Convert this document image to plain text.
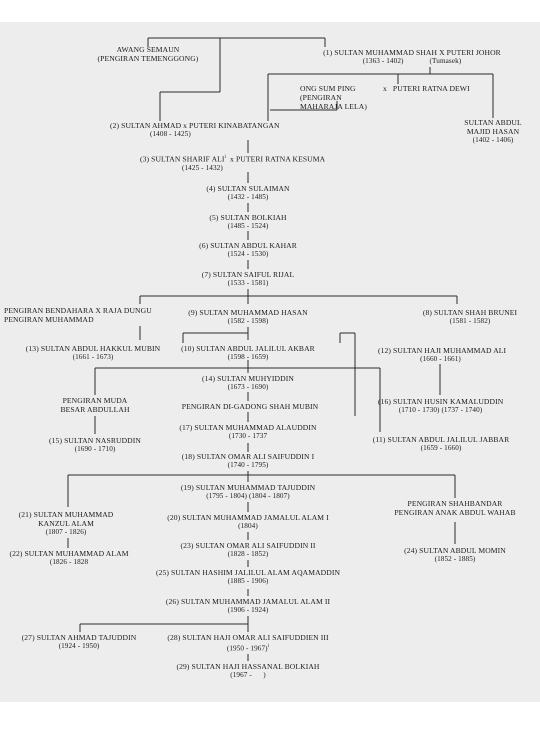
AWANG SEMAUN
(PENGIRAN TEMENGGONG)
(1) SULTAN MUHAMMAD SHAH X PUTERI JOHOR
(1363 - 1402)	(Tumasek)
ONG SUM PING
(PENGIRAN
MAHARAJA LELA)
x PUTERI RATNA DEWI
SULTAN ABDUL
MAJID HASAN
(1402 - 1406)
(2) SULTAN AHMAD x PUTERI KINABATANGAN
(1408 - 1425)
(3) SULTAN SHARIF ALI$^i$ x PUTERI RATNA KESUMA
(1425 - 1432)
(4) SULTAN SULAIMAN
(1432 - 1485)
(5) SULTAN BOLKIAH
(1485 - 1524)
(6) SULTAN ABDUL KAHAR
(1524 - 1530)
(7) SULTAN SAIFUL RIJAL
(1533 - 1581)
PENGIRAN BENDAHARA X RAJA DUNGU
PENGIRAN MUHAMMAD
(9) SULTAN MUHAMMAD HASAN
(1582 - 1598)
(8) SULTAN SHAH BRUNEI
(1581 - 1582)
(13) SULTAN ABDUL HAKKUL MUBIN
(1661 - 1673)
(10) SULTAN ABDUL JALILUL AKBAR
(1598 - 1659)
(12) SULTAN HAJI MUHAMMAD ALI
(1660 - 1661)
(14) SULTAN MUHYIDDIN
(1673 - 1690)
PENGIRAN MUDA
BESAR ABDULLAH	PENGIRAN DI-GADONG SHAH MUBIN
(16) SULTAN HUSIN KAMALUDDIN
(1710 - 1730) (1737 - 1740)
(17) SULTAN MUHAMMAD ALAUDDIN
(1730 - 1737
(15) SULTAN NASRUDDIN
(1690 - 1710)
(11) SULTAN ABDUL JALILUL JABBAR
(1659 - 1660)
(18) SULTAN OMAR ALI SAIFUDDIN I
(1740 - 1795)
(19) SULTAN MUHAMMAD TAJUDDIN
(1795 - 1804) (1804 - 1807)
PENGIRAN SHAHBANDAR
PENGIRAN ANAK ABDUL WAHAB
(21) SULTAN MUHAMMAD
KANZUL ALAM
(1807 - 1826)
(20) SULTAN MUHAMMAD JAMALUL ALAM I
(1804)
(23) SULTAN OMAR ALI SAIFUDDIN II
(1828 - 1852)
(22) SULTAN MUHAMMAD ALAM
(1826 - 1828
(24) SULTAN ABDUL MOMIN
(1852 - 1885)
(25) SULTAN HASHIM JALILUL ALAM AQAMADDIN
(1885 - 1906)
(26) SULTAN MUHAMMAD JAMALUL ALAM II
(1906 - 1924)
(27) SULTAN AHMAD TAJUDDIN
(1924 - 1950)
(28) SULTAN HAJI OMAR ALI SAIFUDDIEN III
(1950 - 1967)$^i$
(29) SULTAN HAJI HASSANAL BOLKIAH
(1967 -      )
